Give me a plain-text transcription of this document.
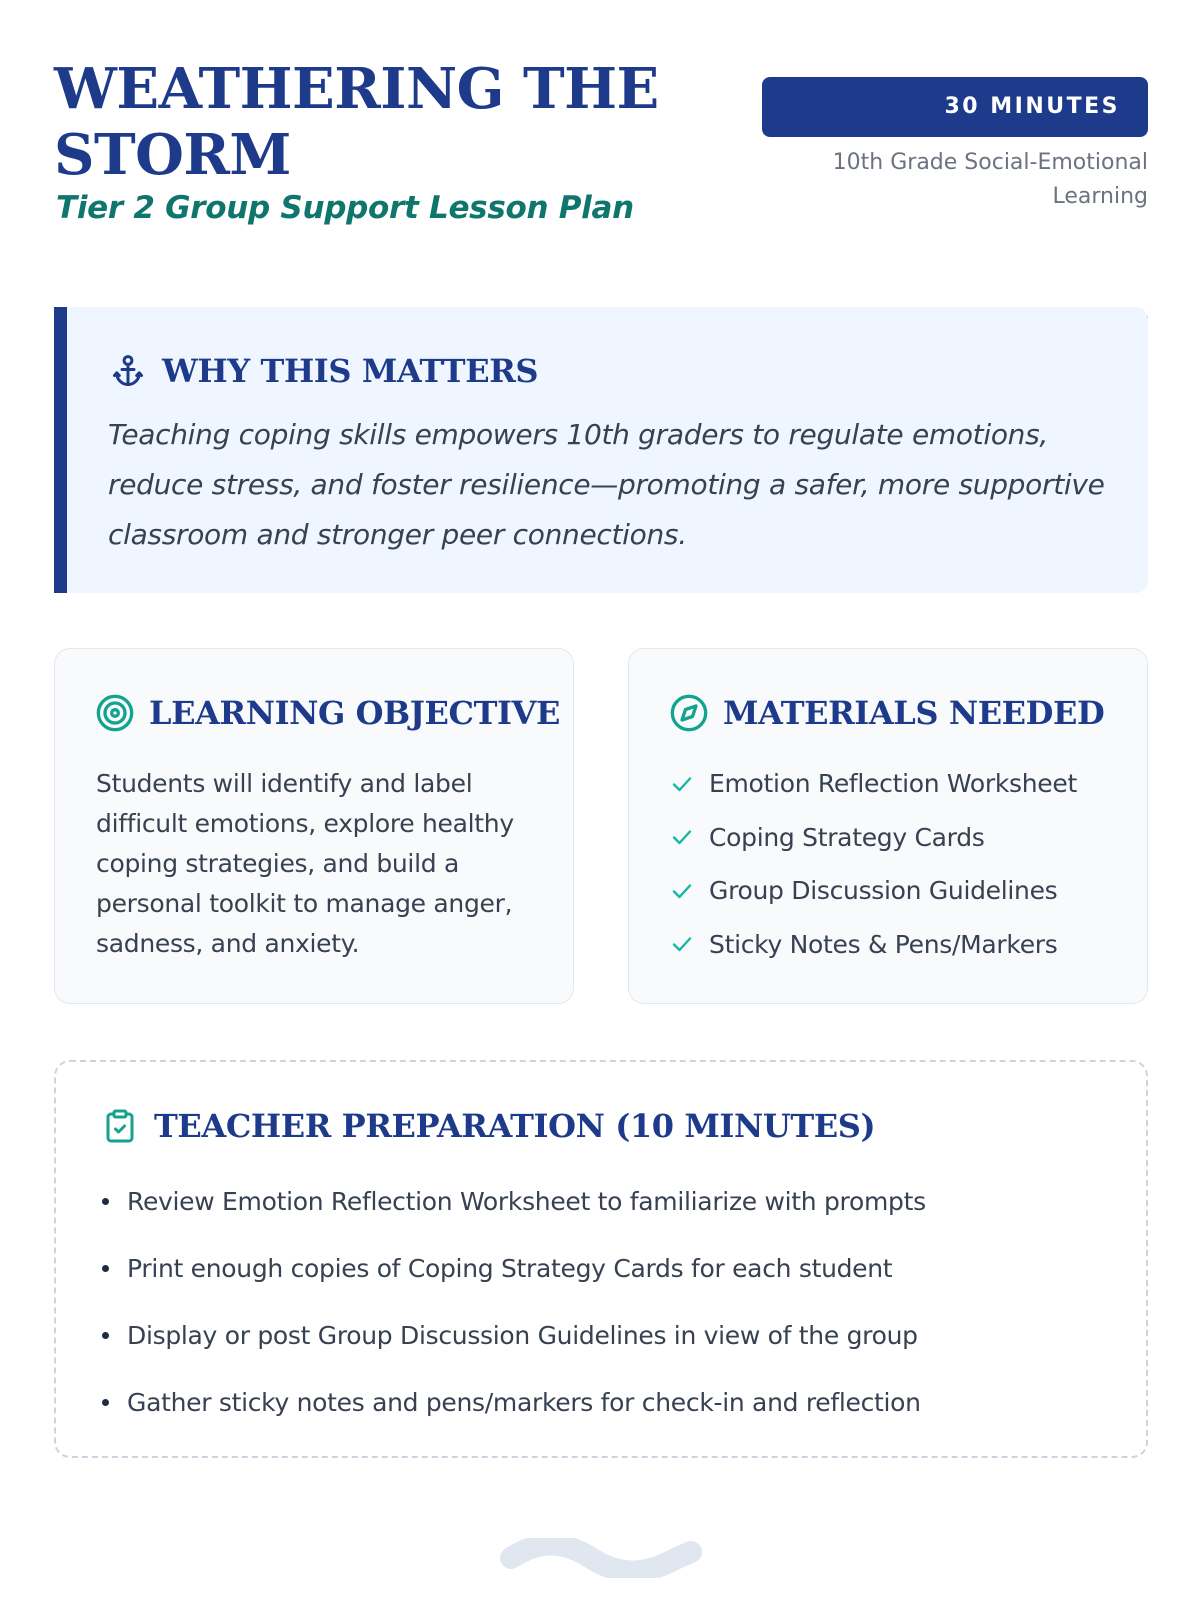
WEATHERING THE STORM

Tier 2 Group Support Lesson Plan

30 MINUTES
10th Grade Social-Emotional Learning
WHY THIS MATTERS

Teaching coping skills empowers 10th graders to regulate emotions, reduce stress, and foster resilience—promoting a safer, more supportive classroom and stronger peer connections.

LEARNING OBJECTIVE

Students will identify and label difficult emotions, explore healthy coping strategies, and build a personal toolkit to manage anger, sadness, and anxiety.

MATERIALS NEEDED
Emotion Reflection Worksheet
Coping Strategy Cards
Group Discussion Guidelines
Sticky Notes & Pens/Markers
TEACHER PREPARATION (10 MINUTES)
Review Emotion Reflection Worksheet to familiarize with prompts
Print enough copies of Coping Strategy Cards for each student
Display or post Group Discussion Guidelines in view of the group
Gather sticky notes and pens/markers for check-in and reflection
